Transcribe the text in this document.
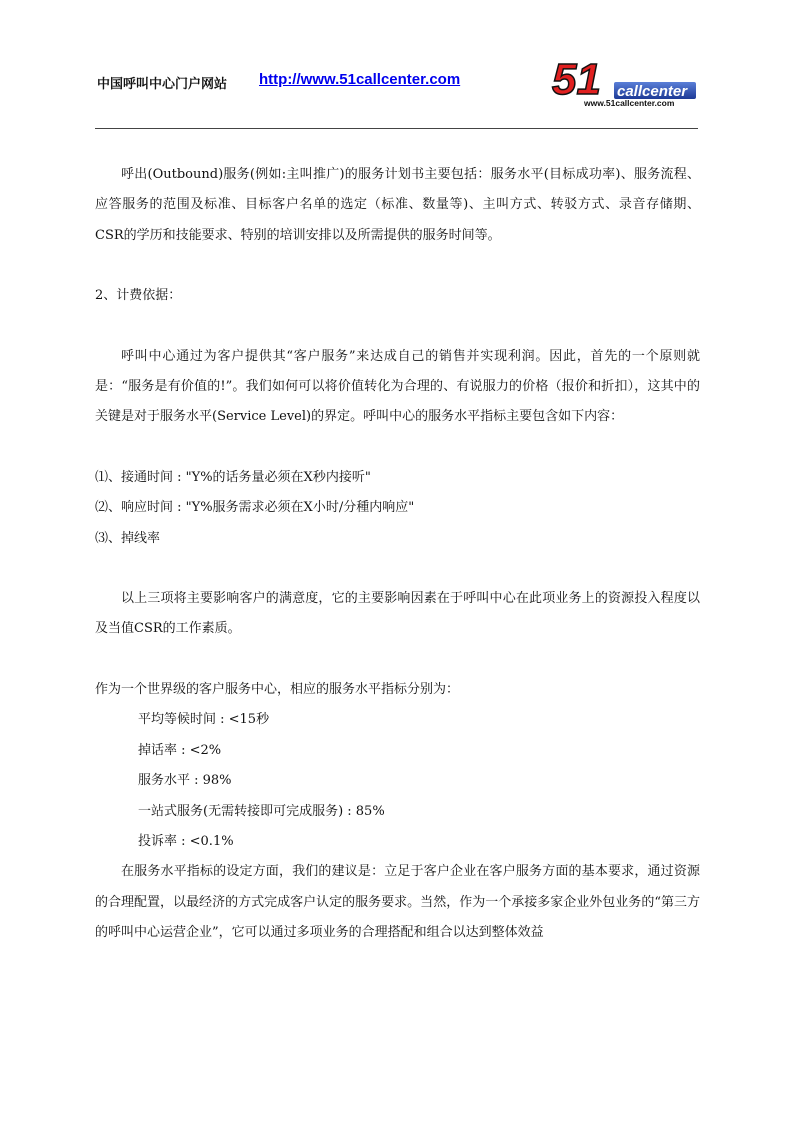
中国呼叫中心门户网站 http://www.51callcenter.com 51 callcenter
www.51callcenter.com

呼出(Outbound)服务(例如:主叫推广)的服务计划书主要包括：服务水平(目标成功率)、服务流程、应答服务的范围及标准、目标客户名单的选定（标准、数量等)、主叫方式、转驳方式、录音存储期、CSR的学历和技能要求、特别的培训安排以及所需提供的服务时间等。

2、计费依据：

呼叫中心通过为客户提供其“客户服务”来达成自己的销售并实现利润。因此，首先的一个原则就是：“服务是有价值的!”。我们如何可以将价值转化为合理的、有说服力的价格（报价和折扣），这其中的关键是对于服务水平(Service Level)的界定。呼叫中心的服务水平指标主要包含如下内容：

⑴、接通时间 : "Y%的话务量必须在X秒内接听"

⑵、响应时间 : "Y%服务需求必须在X小时/分種内响应"

⑶、掉线率

以上三项将主要影响客户的满意度，它的主要影响因素在于呼叫中心在此项业务上的资源投入程度以及当值CSR的工作素质。

作为一个世界级的客户服务中心，相应的服务水平指标分别为：

平均等候时间 : <15秒

掉话率 : <2%

服务水平 : 98%

一站式服务(无需转接即可完成服务) : 85%

投诉率 : <0.1%

在服务水平指标的设定方面，我们的建议是：立足于客户企业在客户服务方面的基本要求，通过资源的合理配置，以最经济的方式完成客户认定的服务要求。当然，作为一个承接多家企业外包业务的“第三方的呼叫中心运营企业”，它可以通过多项业务的合理搭配和组合以达到整体效益
